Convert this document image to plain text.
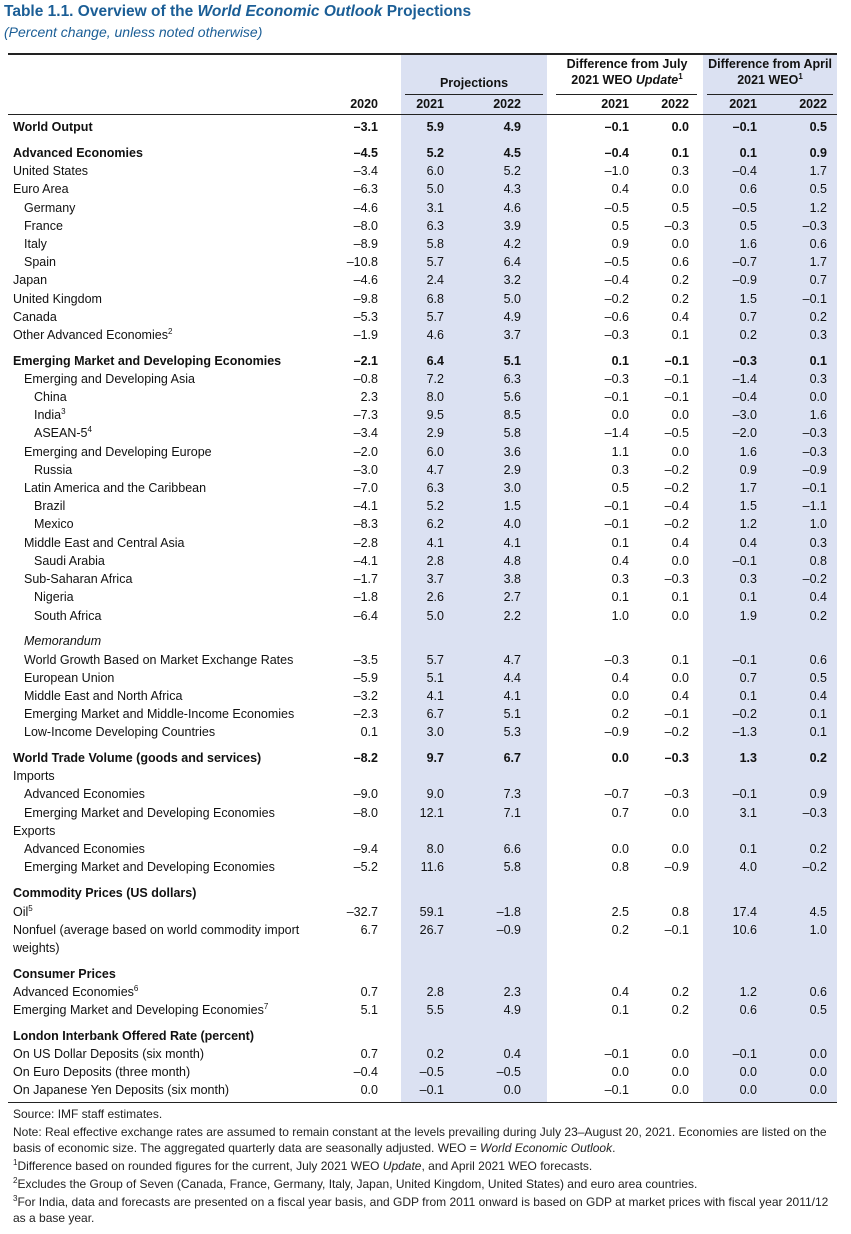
Table 1.1. Overview of the World Economic Outlook Projections
(Percent change, unless noted otherwise)
Projections
Difference from July
2021 WEO Update$^1$
Difference from April
2021 WEO$^1$
2020	2021	2022	2021	2022	2021	2022
World Output	–3.1	5.9	4.9	–0.1	0.0	–0.1	0.5
Advanced Economies	–4.5	5.2	4.5	–0.4	0.1	0.1	0.9
United States	–3.4	6.0	5.2	–1.0	0.3	–0.4	1.7
Euro Area	–6.3	5.0	4.3	0.4	0.0	0.6	0.5
Germany	–4.6	3.1	4.6	–0.5	0.5	–0.5	1.2
France	–8.0	6.3	3.9	0.5	–0.3	0.5	–0.3
Italy	–8.9	5.8	4.2	0.9	0.0	1.6	0.6
Spain	–10.8	5.7	6.4	–0.5	0.6	–0.7	1.7
Japan	–4.6	2.4	3.2	–0.4	0.2	–0.9	0.7
United Kingdom	–9.8	6.8	5.0	–0.2	0.2	1.5	–0.1
Canada	–5.3	5.7	4.9	–0.6	0.4	0.7	0.2
Other Advanced Economies$^2$	–1.9	4.6	3.7	–0.3	0.1	0.2	0.3
Emerging Market and Developing Economies	–2.1	6.4	5.1	0.1	–0.1	–0.3	0.1
Emerging and Developing Asia	–0.8	7.2	6.3	–0.3	–0.1	–1.4	0.3
China	2.3	8.0	5.6	–0.1	–0.1	–0.4	0.0
India$^3$	–7.3	9.5	8.5	0.0	0.0	–3.0	1.6
ASEAN-$5^4$	–3.4	2.9	5.8	–1.4	–0.5	–2.0	–0.3
Emerging and Developing Europe	–2.0	6.0	3.6	1.1	0.0	1.6	–0.3
Russia	–3.0	4.7	2.9	0.3	–0.2	0.9	–0.9
Latin America and the Caribbean	–7.0	6.3	3.0	0.5	–0.2	1.7	–0.1
Brazil	–4.1	5.2	1.5	–0.1	–0.4	1.5	–1.1
Mexico	–8.3	6.2	4.0	–0.1	–0.2	1.2	1.0
Middle East and Central Asia	–2.8	4.1	4.1	0.1	0.4	0.4	0.3
Saudi Arabia	–4.1	2.8	4.8	0.4	0.0	–0.1	0.8
Sub-Saharan Africa	–1.7	3.7	3.8	0.3	–0.3	0.3	–0.2
Nigeria	–1.8	2.6	2.7	0.1	0.1	0.1	0.4
South Africa	–6.4	5.0	2.2	1.0	0.0	1.9	0.2
Memorandum
World Growth Based on Market Exchange Rates	–3.5	5.7	4.7	–0.3	0.1	–0.1	0.6
European Union	–5.9	5.1	4.4	0.4	0.0	0.7	0.5
Middle East and North Africa	–3.2	4.1	4.1	0.0	0.4	0.1	0.4
Emerging Market and Middle-Income Economies	–2.3	6.7	5.1	0.2	–0.1	–0.2	0.1
Low-Income Developing Countries	0.1	3.0	5.3	–0.9	–0.2	–1.3	0.1
World Trade Volume (goods and services)	–8.2	9.7	6.7	0.0	–0.3	1.3	0.2
Imports
Advanced Economies	–9.0	9.0	7.3	–0.7	–0.3	–0.1	0.9
Emerging Market and Developing Economies	–8.0	12.1	7.1	0.7	0.0	3.1	–0.3
Exports
Advanced Economies	–9.4	8.0	6.6	0.0	0.0	0.1	0.2
Emerging Market and Developing Economies	–5.2	11.6	5.8	0.8	–0.9	4.0	–0.2
Commodity Prices (US dollars)
Oil$^5$	–32.7	59.1	–1.8	2.5	0.8	17.4	4.5
Nonfuel (average based on world commodity import	6.7	26.7	–0.9	0.2	–0.1	10.6	1.0
weights)
Consumer Prices
Advanced Economies$^6$	0.7	2.8	2.3	0.4	0.2	1.2	0.6
Emerging Market and Developing Economies$^7$	5.1	5.5	4.9	0.1	0.2	0.6	0.5
London Interbank Offered Rate (percent)
On US Dollar Deposits (six month)	0.7	0.2	0.4	–0.1	0.0	–0.1	0.0
On Euro Deposits (three month)	–0.4	–0.5	–0.5	0.0	0.0	0.0	0.0
On Japanese Yen Deposits (six month)	0.0	–0.1	0.0	–0.1	0.0	0.0	0.0
Source: IMF staff estimates.
Note: Real effective exchange rates are assumed to remain constant at the levels prevailing during July 23–August 20, 2021. Economies are listed on the basis of economic size. The aggregated quarterly data are seasonally adjusted. WEO = World Economic Outlook.
$^1$Difference based on rounded figures for the current, July 2021 WEO Update, and April 2021 WEO forecasts.
$^2$Excludes the Group of Seven (Canada, France, Germany, Italy, Japan, United Kingdom, United States) and euro area countries.
$^3$For India, data and forecasts are presented on a fiscal year basis, and GDP from 2011 onward is based on GDP at market prices with fiscal year 2011/12 as a base year.
